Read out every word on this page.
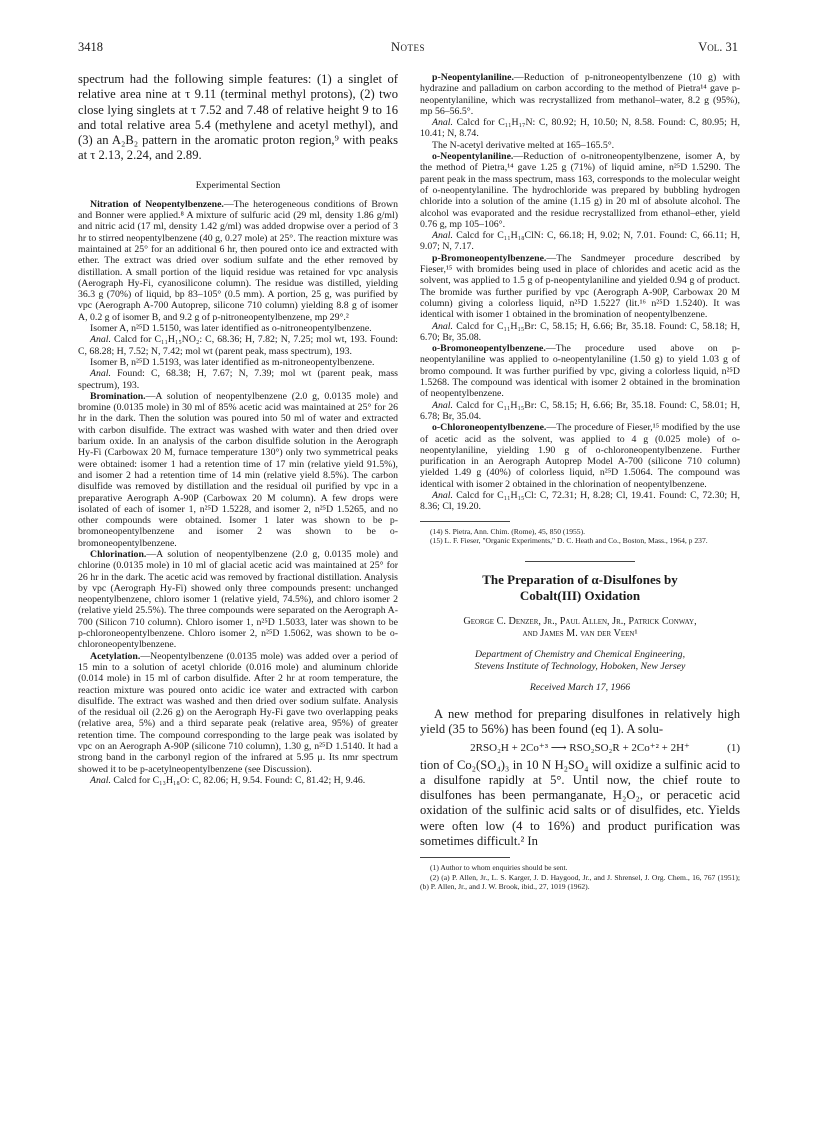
3418	Notes	Vol. 31

spectrum had the following simple features: (1) a singlet of relative area nine at τ 9.11 (terminal methyl protons), (2) two close lying singlets at τ 7.52 and 7.48 of relative height 9 to 16 and total relative area 5.4 (methylene and acetyl methyl), and (3) an A₂B₂ pattern in the aromatic proton region,⁹ with peaks at τ 2.13, 2.24, and 2.89.

Experimental Section

Nitration of Neopentylbenzene.—The heterogeneous conditions of Brown and Bonner were applied.⁸ A mixture of sulfuric acid (29 ml, density 1.86 g/ml) and nitric acid (17 ml, density 1.42 g/ml) was added dropwise over a period of 3 hr to stirred neopentylbenzene (40 g, 0.27 mole) at 25°. The reaction mixture was maintained at 25° for an additional 6 hr, then poured onto ice and extracted with ether. The extract was dried over sodium sulfate and the ether removed by distillation. A small portion of the liquid residue was retained for vpc analysis (Aerograph Hy-Fi, cyanosilicone column). The residue was distilled, yielding 36.3 g (70%) of liquid, bp 83–105° (0.5 mm). A portion, 25 g, was purified by vpc (Aerograph A-700 Autoprep, silicone 710 column) yielding 8.8 g of isomer A, 0.2 g of isomer B, and 9.2 g of p-nitroneopentylbenzene, mp 29°.²

Isomer A, n²⁵D 1.5150, was later identified as o-nitroneopentylbenzene.

Anal. Calcd for C₁₁H₁₅NO₂: C, 68.36; H, 7.82; N, 7.25; mol wt, 193. Found: C, 68.28; H, 7.52; N, 7.42; mol wt (parent peak, mass spectrum), 193.

Isomer B, n²⁵D 1.5193, was later identified as m-nitroneopentylbenzene.

Anal. Found: C, 68.38; H, 7.67; N, 7.39; mol wt (parent peak, mass spectrum), 193.

Bromination.—A solution of neopentylbenzene (2.0 g, 0.0135 mole) and bromine (0.0135 mole) in 30 ml of 85% acetic acid was maintained at 25° for 26 hr in the dark. Then the solution was poured into 50 ml of water and extracted with carbon disulfide. The extract was washed with water and then dried over barium oxide. In an analysis of the carbon disulfide solution in the Aerograph Hy-Fi (Carbowax 20 M, furnace temperature 130°) only two symmetrical peaks were obtained: isomer 1 had a retention time of 17 min (relative yield 91.5%), and isomer 2 had a retention time of 14 min (relative yield 8.5%). The carbon disulfide was removed by distillation and the residual oil purified by vpc in a preparative Aerograph A-90P (Carbowax 20 M column). A few drops were isolated of each of isomer 1, n²⁵D 1.5228, and isomer 2, n²⁵D 1.5265, and no other compounds were obtained. Isomer 1 later was shown to be p-bromoneopentylbenzene and isomer 2 was shown to be o-bromoneopentylbenzene.

Chlorination.—A solution of neopentylbenzene (2.0 g, 0.0135 mole) and chlorine (0.0135 mole) in 10 ml of glacial acetic acid was maintained at 25° for 26 hr in the dark. The acetic acid was removed by fractional distillation. Analysis by vpc (Aerograph Hy-Fi) showed only three compounds present: unchanged neopentylbenzene, chloro isomer 1 (relative yield, 74.5%), and chloro isomer 2 (relative yield 25.5%). The three compounds were separated on the Aerograph A-700 (Silicon 710 column). Chloro isomer 1, n²⁵D 1.5033, later was shown to be p-chloroneopentylbenzene. Chloro isomer 2, n²⁵D 1.5062, was shown to be o-chloroneopentylbenzene.

Acetylation.—Neopentylbenzene (0.0135 mole) was added over a period of 15 min to a solution of acetyl chloride (0.016 mole) and aluminum chloride (0.014 mole) in 15 ml of carbon disulfide. After 2 hr at room temperature, the reaction mixture was poured onto acidic ice water and extracted with carbon disulfide. The extract was washed and then dried over sodium sulfate. Analysis of the residual oil (2.26 g) on the Aerograph Hy-Fi gave two overlapping peaks (relative area, 5%) and a third separate peak (relative area, 95%) of greater retention time. The compound corresponding to the large peak was isolated by vpc on an Aerograph A-90P (silicone 710 column), 1.30 g, n²⁵D 1.5140. It had a strong band in the carbonyl region of the infrared at 5.95 μ. Its nmr spectrum showed it to be p-acetylneopentylbenzene (see Discussion).

Anal. Calcd for C₁₃H₁₈O: C, 82.06; H, 9.54. Found: C, 81.42; H, 9.46.

p-Neopentylaniline.—Reduction of p-nitroneopentylbenzene (10 g) with hydrazine and palladium on carbon according to the method of Pietra¹⁴ gave p-neopentylaniline, which was recrystallized from methanol–water, 8.2 g (95%), mp 56–56.5°.

Anal. Calcd for C₁₁H₁₇N: C, 80.92; H, 10.50; N, 8.58. Found: C, 80.95; H, 10.41; N, 8.74.

The N-acetyl derivative melted at 165–165.5°.

o-Neopentylaniline.—Reduction of o-nitroneopentylbenzene, isomer A, by the method of Pietra,¹⁴ gave 1.25 g (71%) of liquid amine, n²⁵D 1.5290. The parent peak in the mass spectrum, mass 163, corresponds to the molecular weight of o-neopentylaniline. The hydrochloride was prepared by bubbling hydrogen chloride into a solution of the amine (1.15 g) in 20 ml of absolute alcohol. The alcohol was evaporated and the residue recrystallized from ethanol–ether, yield 0.76 g, mp 105–106°.

Anal. Calcd for C₁₁H₁₈ClN: C, 66.18; H, 9.02; N, 7.01. Found: C, 66.11; H, 9.07; N, 7.17.

p-Bromoneopentylbenzene.—The Sandmeyer procedure described by Fieser,¹⁵ with bromides being used in place of chlorides and acetic acid as the solvent, was applied to 1.5 g of p-neopentylaniline and yielded 0.94 g of product. The bromide was further purified by vpc (Aerograph A-90P, Carbowax 20 M column) giving a colorless liquid, n²⁵D 1.5227 (lit.¹⁶ n²⁵D 1.5240). It was identical with isomer 1 obtained in the bromination of neopentylbenzene.

Anal. Calcd for C₁₁H₁₅Br: C, 58.15; H, 6.66; Br, 35.18. Found: C, 58.18; H, 6.70; Br, 35.08.

o-Bromoneopentylbenzene.—The procedure used above on p-neopentylaniline was applied to o-neopentylaniline (1.50 g) to yield 1.03 g of bromo compound. It was further purified by vpc, giving a colorless liquid, n²⁵D 1.5268. The compound was identical with isomer 2 obtained in the bromination of neopentylbenzene.

Anal. Calcd for C₁₁H₁₅Br: C, 58.15; H, 6.66; Br, 35.18. Found: C, 58.01; H, 6.78; Br, 35.04.

o-Chloroneopentylbenzene.—The procedure of Fieser,¹⁵ modified by the use of acetic acid as the solvent, was applied to 4 g (0.025 mole) of o-neopentylaniline, yielding 1.90 g of o-chloroneopentylbenzene. Further purification in an Aerograph Autoprep Model A-700 (silicone 710 column) yielded 1.49 g (40%) of colorless liquid, n²⁵D 1.5064. The compound was identical with isomer 2 obtained in the chlorination of neopentylbenzene.

Anal. Calcd for C₁₁H₁₅Cl: C, 72.31; H, 8.28; Cl, 19.41. Found: C, 72.30; H, 8.36; Cl, 19.20.

(14) S. Pietra, Ann. Chim. (Rome), 45, 850 (1955).

(15) L. F. Fieser, "Organic Experiments," D. C. Heath and Co., Boston, Mass., 1964, p 237.

The Preparation of α-Disulfones by
Cobalt(III) Oxidation
George C. Denzer, Jr., Paul Allen, Jr., Patrick Conway,
and James M. van der Veen¹
Department of Chemistry and Chemical Engineering,
Stevens Institute of Technology, Hoboken, New Jersey
Received March 17, 1966

A new method for preparing disulfones in relatively high yield (35 to 56%) has been found (eq 1). A solu-

2RSO₂H + 2Co⁺³ ⟶ RSO₂SO₂R + 2Co⁺² + 2H⁺	(1)

tion of Co₂(SO₄)₃ in 10 N H₂SO₄ will oxidize a sulfinic acid to a disulfone rapidly at 5°. Until now, the chief route to disulfones has been permanganate, H₂O₂, or peracetic acid oxidation of the sulfinic acid salts or of disulfides, etc. Yields were often low (4 to 16%) and product purification was sometimes difficult.² In

(1) Author to whom enquiries should be sent.

(2) (a) P. Allen, Jr., L. S. Karger, J. D. Haygood, Jr., and J. Shrensel, J. Org. Chem., 16, 767 (1951); (b) P. Allen, Jr., and J. W. Brook, ibid., 27, 1019 (1962).
